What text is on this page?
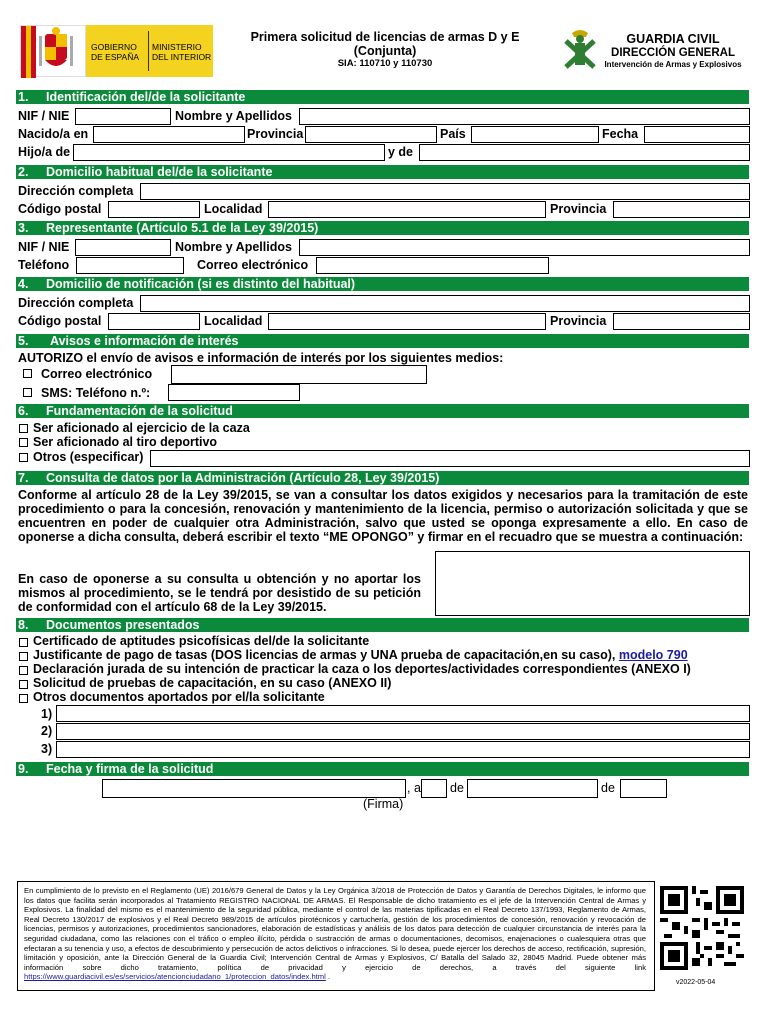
GOBIERNO
DE ESPAÑA
MINISTERIO
DEL INTERIOR
Primera solicitud de licencias de armas D y E
(Conjunta)
SIA: 110710 y 110730
GUARDIA CIVIL
DIRECCIÓN GENERAL
Intervención de Armas y Explosivos
1. Identificación del/de la solicitante
NIF / NIE	Nombre y Apellidos
Nacido/a en	Provincia	País	Fecha
Hijo/a de	y de
2. Domicilio habitual del/de la solicitante
Dirección completa
Código postal	Localidad	Provincia
3. Representante (Artículo 5.1 de la Ley 39/2015)
NIF / NIE	Nombre y Apellidos
Teléfono	Correo electrónico
4. Domicilio de notificación (si es distinto del habitual)
Dirección completa
Código postal	Localidad	Provincia
5. Avisos e información de interés
AUTORIZO el envío de avisos e información de interés por los siguientes medios:
Correo electrónico
SMS: Teléfono n.º:
6. Fundamentación de la solicitud
Ser aficionado al ejercicio de la caza
Ser aficionado al tiro deportivo
Otros (especificar)
7. Consulta de datos por la Administración (Artículo 28, Ley 39/2015)
Conforme al artículo 28 de la Ley 39/2015, se van a consultar los datos exigidos y necesarios para la tramitación de este procedimiento o para la concesión, renovación y mantenimiento de la licencia, permiso o autorización solicitada y que se encuentren en poder de cualquier otra Administración, salvo que usted se oponga expresamente a ello. En caso de oponerse a dicha consulta, deberá escribir el texto “ME OPONGO” y firmar en el recuadro que se muestra a continuación:
En caso de oponerse a su consulta u obtención y no aportar los mismos al procedimiento, se le tendrá por desistido de su petición de conformidad con el artículo 68 de la Ley 39/2015.
8. Documentos presentados
Certificado de aptitudes psicofísicas del/de la solicitante
Justificante de pago de tasas (DOS licencias de armas y UNA prueba de capacitación,en su caso), modelo 790
Declaración jurada de su intención de practicar la caza o los deportes/actividades correspondientes (ANEXO I)
Solicitud de pruebas de capacitación, en su caso (ANEXO II)
Otros documentos aportados por el/la solicitante
1)
2)
3)
9. Fecha y firma de la solicitud
, a de	de
(Firma)
En cumplimiento de lo previsto en el Reglamento (UE) 2016/679 General de Datos y la Ley Orgánica 3/2018 de Protección de Datos y Garantía de Derechos Digitales, le informo que los datos que facilita serán incorporados al Tratamiento REGISTRO NACIONAL DE ARMAS. El Responsable de dicho tratamiento es el jefe de la Intervención Central de Armas y Explosivos. La finalidad del mismo es el mantenimiento de la seguridad pública, mediante el control de las materias tipificadas en el Real Decreto 137/1993, Reglamento de Armas, Real Decreto 130/2017 de explosivos y el Real Decreto 989/2015 de artículos pirotécnicos y cartuchería, gestión de los procedimientos de concesión, renovación y revocación de licencias, permisos y autorizaciones, procedimientos sancionadores, elaboración de estadísticas y análisis de los datos para detección de cualquier circunstancia de interés para la seguridad ciudadana, como las relaciones con el tráfico o empleo ilícito, pérdida o sustracción de armas o documentaciones, decomisos, enajenaciones o cualesquiera otras que efectaran a su tenencia y uso, a efectos de descubrimiento y persecución de actos delictivos o infracciones. Si lo desea, puede ejercer los derechos de acceso, rectificación, supresión, limitación y oposición, ante la Dirección General de la Guardia Civil; Intervención Central de Armas y Explosivos, C/ Batalla del Salado 32, 28045 Madrid. Puede obtener más información sobre dicho tratamiento, política de privacidad y ejercicio de derechos, a través del siguiente link https://www.guardiacivil.es/es/servicios/atencionciudadano_1/proteccion_datos/index.html .
v2022-05-04
